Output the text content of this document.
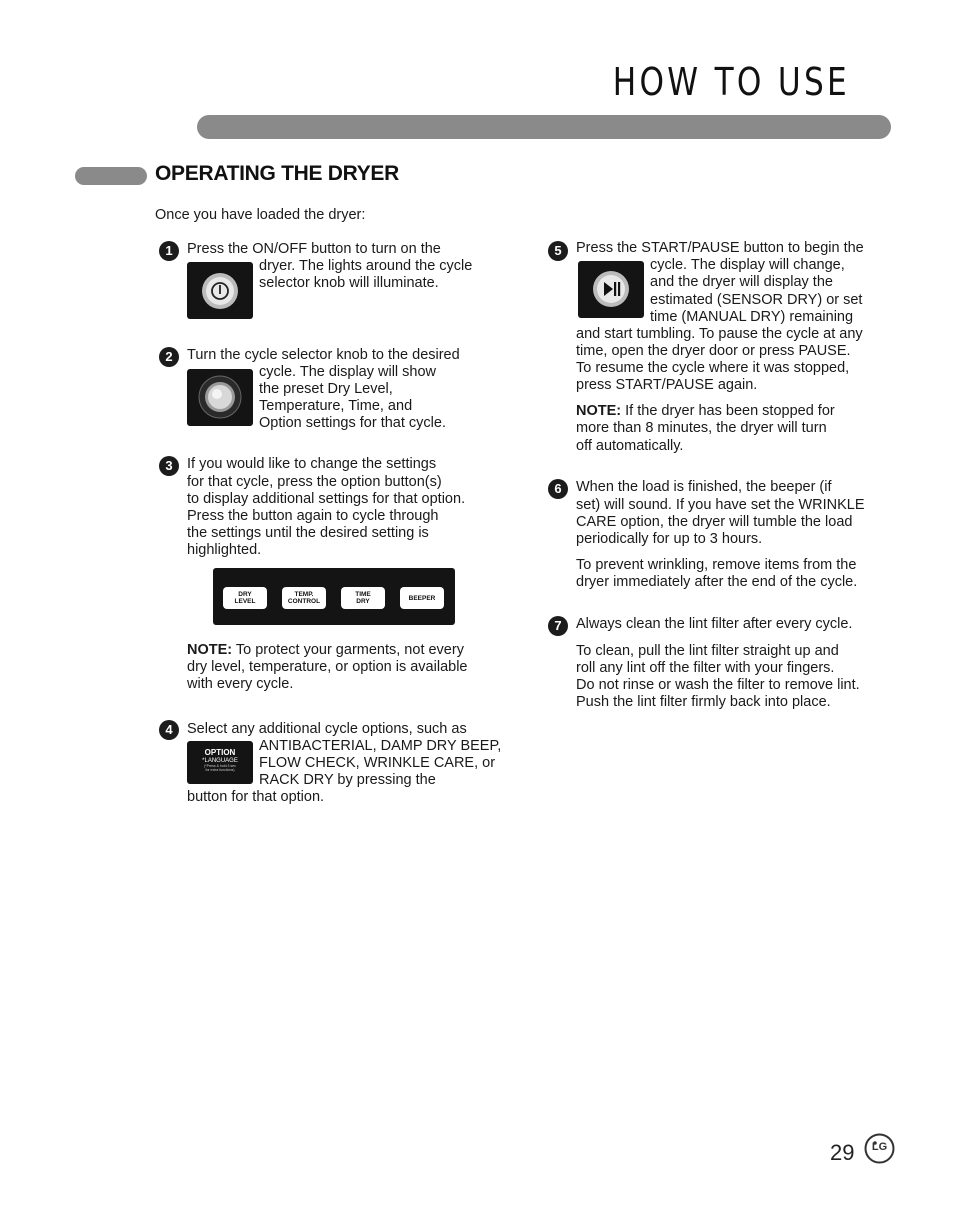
HOW TO USE
OPERATING THE DRYER
Once you have loaded the dryer:
1 Press the ON/OFF button to turn on the
dryer. The lights around the cycle
selector knob will illuminate.
2 Turn the cycle selector knob to the desired
cycle. The display will show
the preset Dry Level,
Temperature, Time, and
Option settings for that cycle.
3 If you would like to change the settings
for that cycle, press the option button(s)
to display additional settings for that option.
Press the button again to cycle through
the settings until the desired setting is
highlighted.
DRY
LEVEL
TEMP.
CONTROL
TIME
DRY	BEEPER
NOTE: To protect your garments, not every
dry level, temperature, or option is available
with every cycle.
4 Select any additional cycle options, such as
OPTION
*LANGUAGE
(*Press & hold 3 sec
for extra functions)
ANTIBACTERIAL, DAMP DRY BEEP,
FLOW CHECK, WRINKLE CARE, or
RACK DRY by pressing the
button for that option.
5 Press the START/PAUSE button to begin the
cycle. The display will change,
and the dryer will display the
estimated (SENSOR DRY) or set
time (MANUAL DRY) remaining
and start tumbling. To pause the cycle at any
time, open the dryer door or press PAUSE.
To resume the cycle where it was stopped,
press START/PAUSE again.
NOTE: If the dryer has been stopped for
more than 8 minutes, the dryer will turn
off automatically.
6 When the load is finished, the beeper (if
set) will sound. If you have set the WRINKLE
CARE option, the dryer will tumble the load
periodically for up to 3 hours.
To prevent wrinkling, remove items from the
dryer immediately after the end of the cycle.
7 Always clean the lint filter after every cycle.
To clean, pull the lint filter straight up and
roll any lint off the filter with your fingers.
Do not rinse or wash the filter to remove lint.
Push the lint filter firmly back into place.
29	LG
